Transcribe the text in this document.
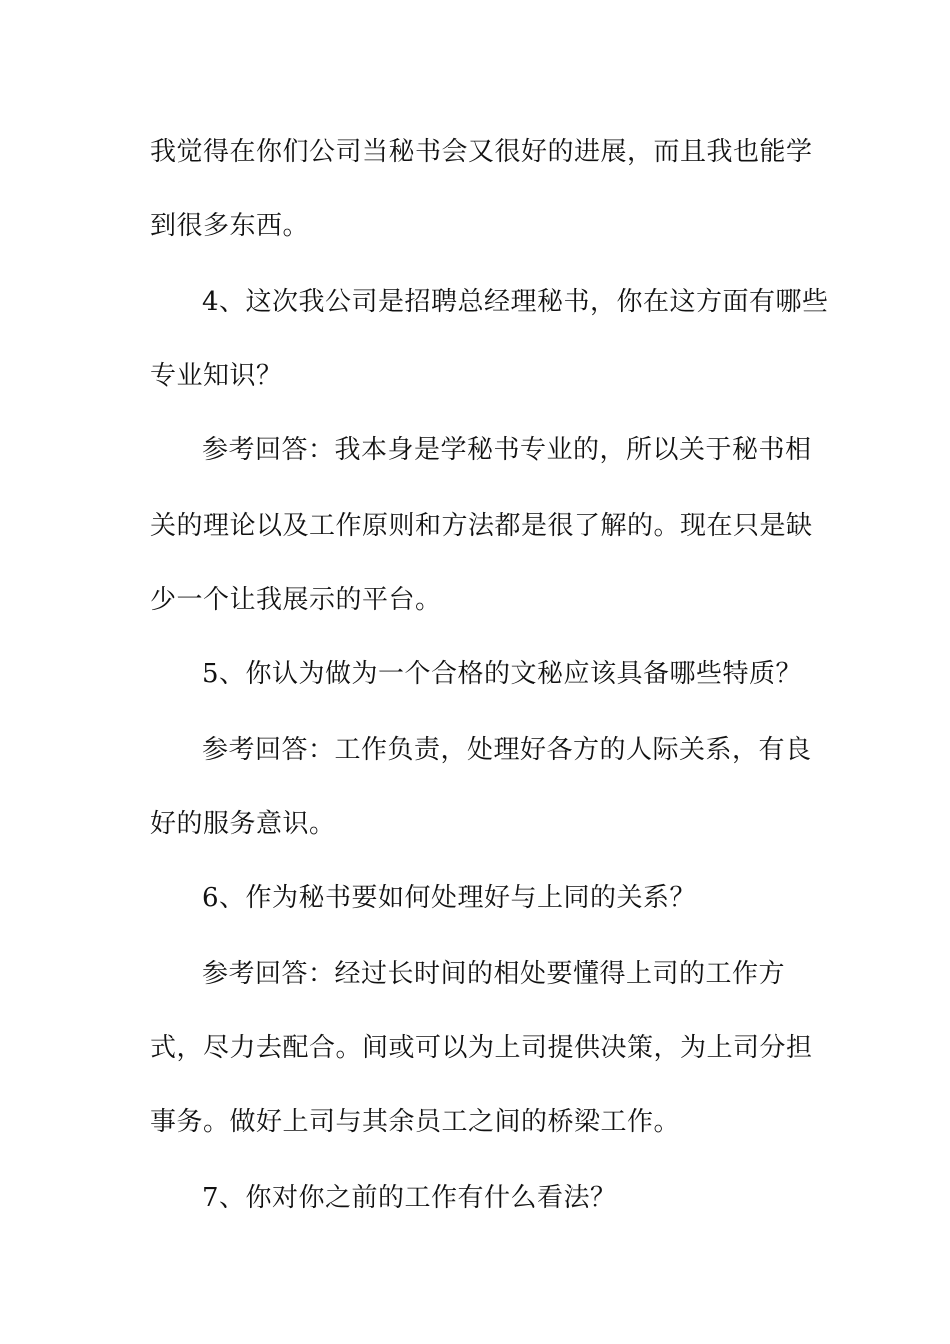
我觉得在你们公司当秘书会又很好的进展，而且我也能学
到很多东西。
4、这次我公司是招聘总经理秘书，你在这方面有哪些
专业知识？
参考回答：我本身是学秘书专业的，所以关于秘书相
关的理论以及工作原则和方法都是很了解的。现在只是缺
少一个让我展示的平台。
5、你认为做为一个合格的文秘应该具备哪些特质？
参考回答：工作负责，处理好各方的人际关系，有良
好的服务意识。
6、作为秘书要如何处理好与上同的关系？
参考回答：经过长时间的相处要懂得上司的工作方
式，尽力去配合。间或可以为上司提供决策，为上司分担
事务。做好上司与其余员工之间的桥梁工作。
7、你对你之前的工作有什么看法？
